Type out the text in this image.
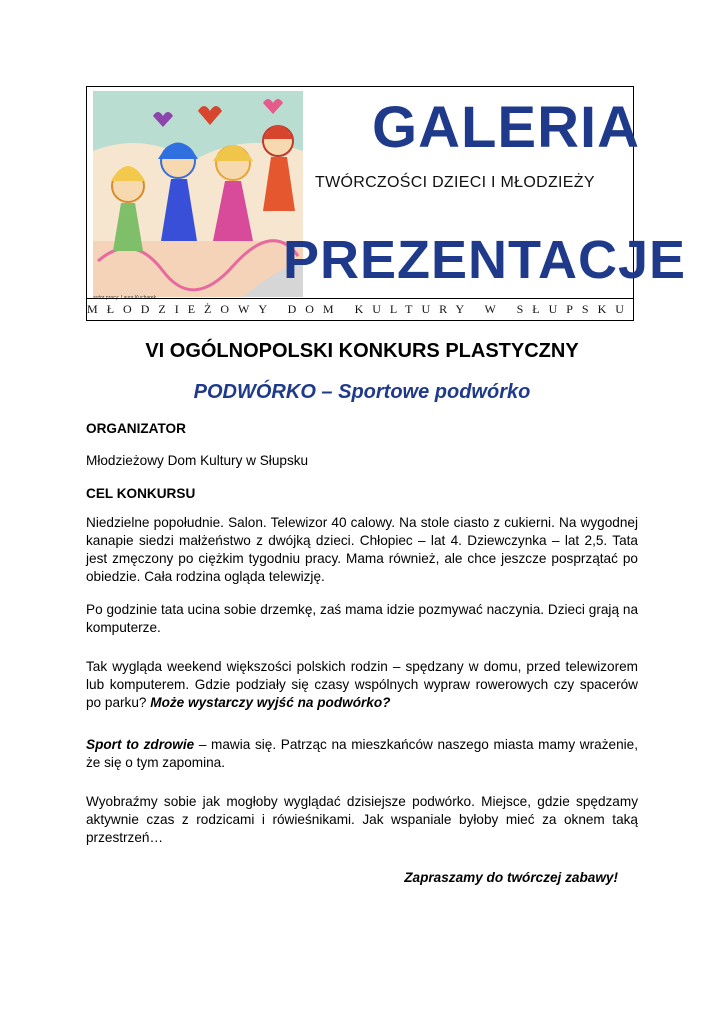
autor pracy: Laura Kucharek
GALERIA
TWÓRCZOŚCI DZIECI I MŁODZIEŻY
PREZENTACJE
MŁODZIEŻOWY DOM KULTURY W SŁUPSKU
VI OGÓLNOPOLSKI KONKURS PLASTYCZNY
PODWÓRKO – Sportowe podwórko
ORGANIZATOR
Młodzieżowy Dom Kultury w Słupsku
CEL KONKURSU
Niedzielne popołudnie. Salon. Telewizor 40 calowy. Na stole ciasto z cukierni. Na wygodnej kanapie siedzi małżeństwo z dwójką dzieci. Chłopiec – lat 4. Dziewczynka – lat 2,5. Tata jest zmęczony po ciężkim tygodniu pracy. Mama również, ale chce jeszcze posprzątać po obiedzie. Cała rodzina ogląda telewizję.
Po godzinie tata ucina sobie drzemkę, zaś mama idzie pozmywać naczynia. Dzieci grają na komputerze.
Tak wygląda weekend większości polskich rodzin – spędzany w domu, przed telewizorem lub komputerem. Gdzie podziały się czasy wspólnych wypraw rowerowych czy spacerów po parku? Może wystarczy wyjść na podwórko?
Sport to zdrowie – mawia się. Patrząc na mieszkańców naszego miasta mamy wrażenie, że się o tym zapomina.
Wyobraźmy sobie jak mogłoby wyglądać dzisiejsze podwórko. Miejsce, gdzie spędzamy aktywnie czas z rodzicami i rówieśnikami. Jak wspaniale byłoby mieć za oknem taką przestrzeń…
Zapraszamy do twórczej zabawy!
